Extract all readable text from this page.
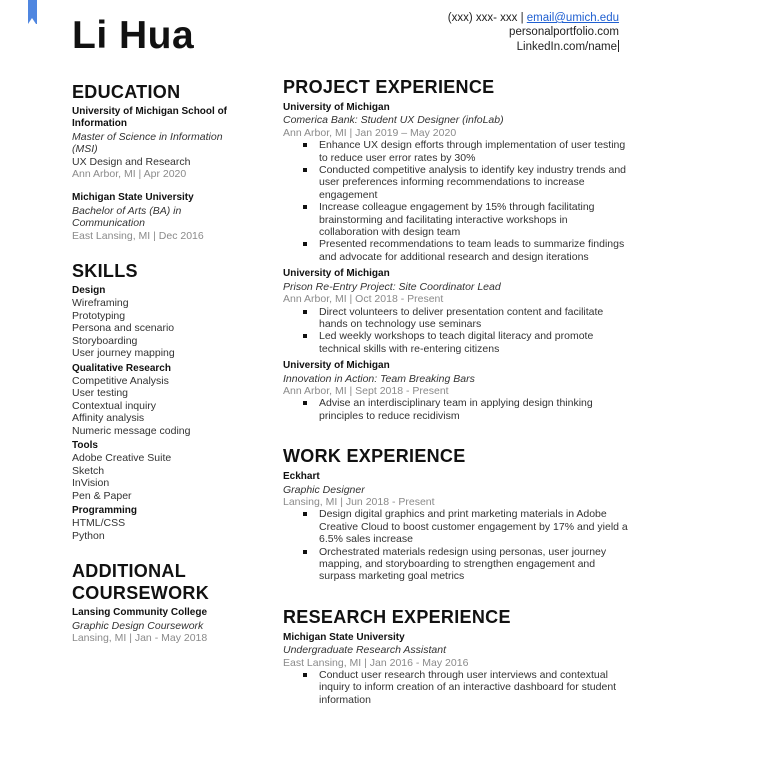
Li Hua	(xxx) xxx- xxx | email@umich.edu
personalportfolio.com
LinkedIn.com/name
EDUCATION
University of Michigan School of Information
Master of Science in Information (MSI)
UX Design and Research
Ann Arbor, MI | Apr 2020
Michigan State University
Bachelor of Arts (BA) in Communication
East Lansing, MI | Dec 2016
SKILLS
Design
Wireframing
Prototyping
Persona and scenario
Storyboarding
User journey mapping
Qualitative Research
Competitive Analysis
User testing
Contextual inquiry
Affinity analysis
Numeric message coding
Tools
Adobe Creative Suite
Sketch
InVision
Pen & Paper
Programming
HTML/CSS
Python
ADDITIONAL
COURSEWORK
Lansing Community College
Graphic Design Coursework
Lansing, MI | Jan - May 2018
PROJECT EXPERIENCE
University of Michigan
Comerica Bank: Student UX Designer (infoLab)
Ann Arbor, MI | Jan 2019 – May 2020
Enhance UX design efforts through implementation of user testing to reduce user error rates by 30%
Conducted competitive analysis to identify key industry trends and user preferences informing recommendations to increase engagement
Increase colleague engagement by 15% through facilitating brainstorming and facilitating interactive workshops in collaboration with design team
Presented recommendations to team leads to summarize findings and advocate for additional research and design iterations
University of Michigan
Prison Re-Entry Project: Site Coordinator Lead
Ann Arbor, MI | Oct 2018 - Present
Direct volunteers to deliver presentation content and facilitate hands on technology use seminars
Led weekly workshops to teach digital literacy and promote technical skills with re-entering citizens
University of Michigan
Innovation in Action: Team Breaking Bars
Ann Arbor, MI | Sept 2018 - Present
Advise an interdisciplinary team in applying design thinking principles to reduce recidivism
WORK EXPERIENCE
Eckhart
Graphic Designer
Lansing, MI | Jun 2018 - Present
Design digital graphics and print marketing materials in Adobe Creative Cloud to boost customer engagement by 17% and yield a 6.5% sales increase
Orchestrated materials redesign using personas, user journey mapping, and storyboarding to strengthen engagement and surpass marketing goal metrics
RESEARCH EXPERIENCE
Michigan State University
Undergraduate Research Assistant
East Lansing, MI | Jan 2016 - May 2016
Conduct user research through user interviews and contextual inquiry to inform creation of an interactive dashboard for student information
